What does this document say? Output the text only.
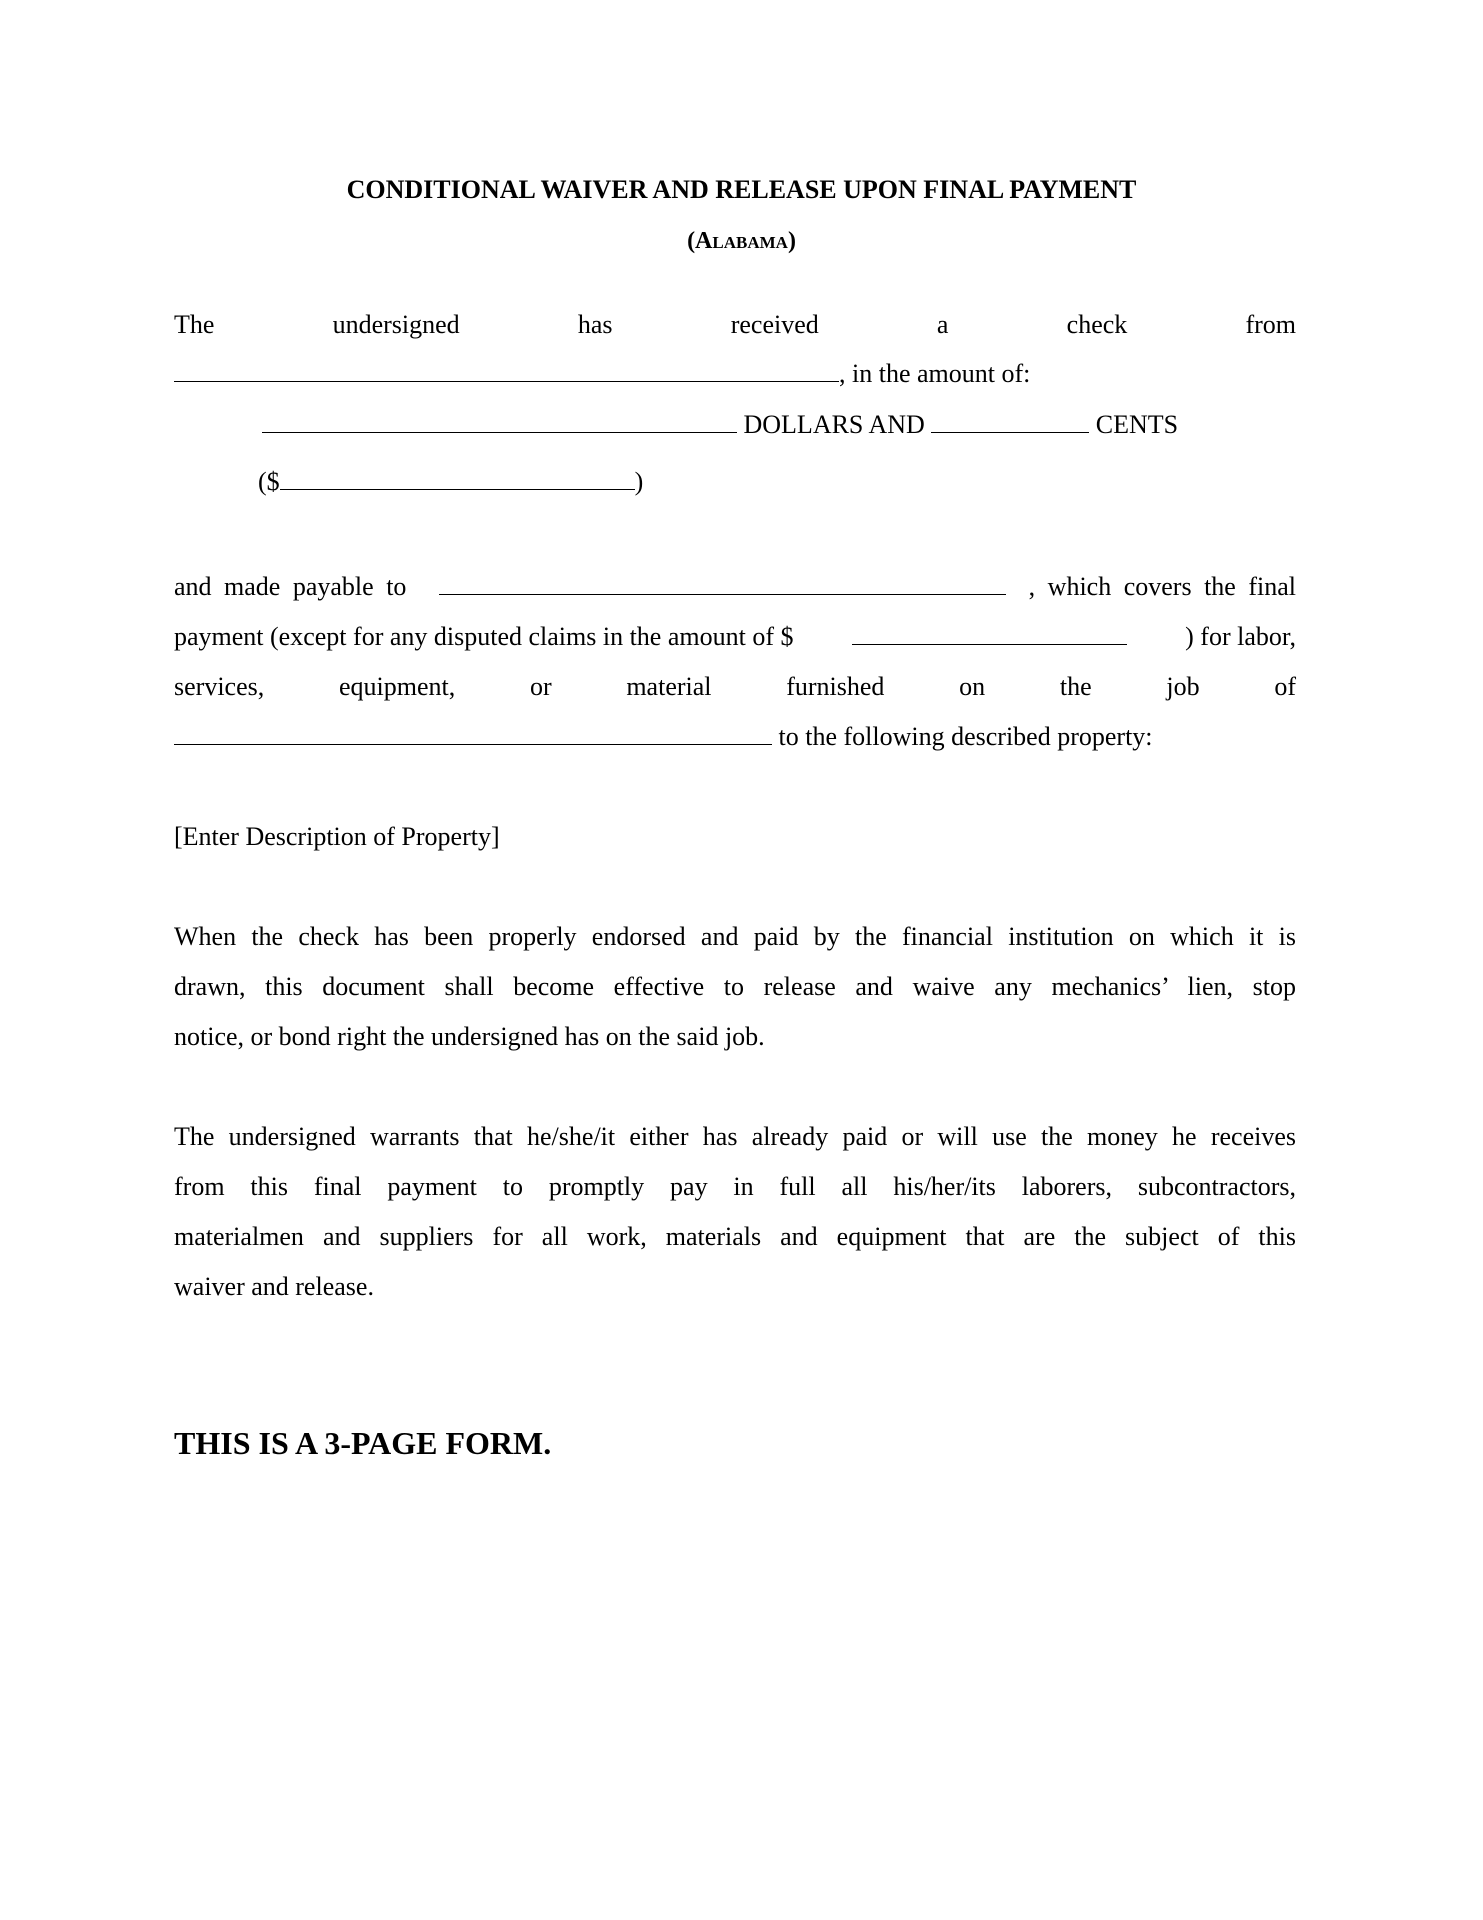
CONDITIONAL WAIVER AND RELEASE UPON FINAL PAYMENT
(Alabama)
The undersigned has received a check from
, in the amount of:
DOLLARS AND	CENTS
($	)
and made payable to	, which covers the final
payment (except for any disputed claims in the amount of $	) for labor,
services, equipment, or material furnished on the job of
to the following described property:
[Enter Description of Property]
When the check has been properly endorsed and paid by the financial institution on which it is
drawn, this document shall become effective to release and waive any mechanics’ lien, stop
notice, or bond right the undersigned has on the said job.
The undersigned warrants that he/she/it either has already paid or will use the money he receives
from this final payment to promptly pay in full all his/her/its laborers, subcontractors,
materialmen and suppliers for all work, materials and equipment that are the subject of this
waiver and release.
THIS IS A 3-PAGE FORM.
